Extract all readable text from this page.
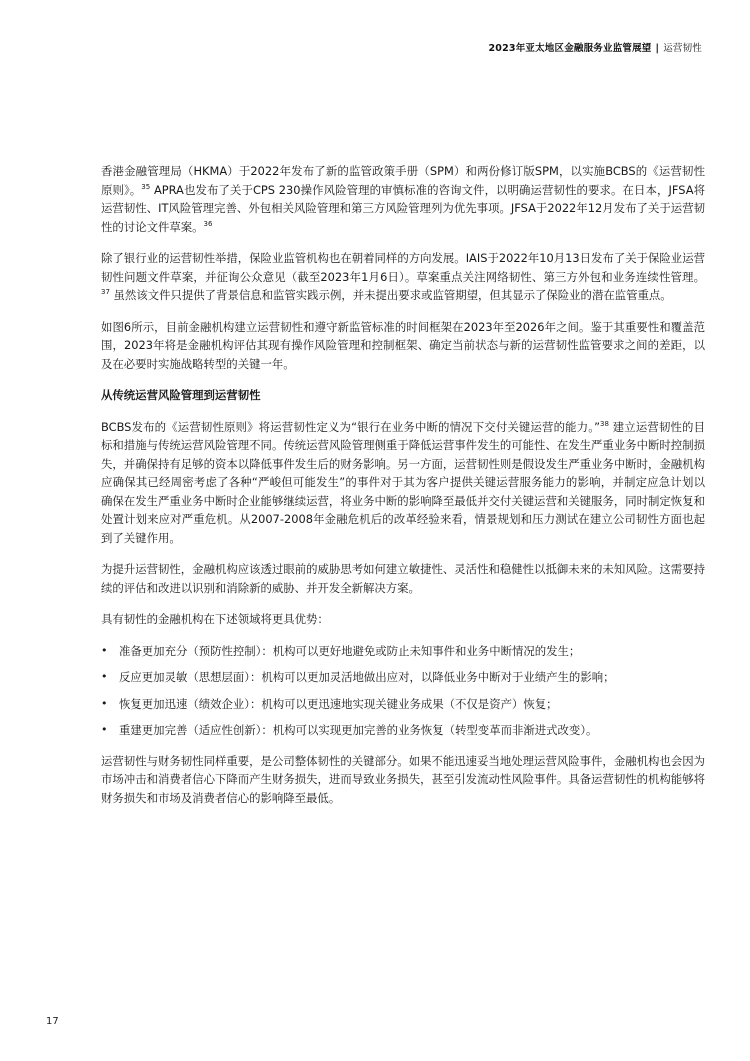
2023年亚太地区金融服务业监管展望 | 运营韧性

香港金融管理局（HKMA）于2022年发布了新的监管政策手册（SPM）和两份修订版SPM，以实施BCBS的《运营韧性原则》。$^{35}$ APRA也发布了关于CPS 230操作风险管理的审慎标准的咨询文件，以明确运营韧性的要求。在日本，JFSA将运营韧性、IT风险管理完善、外包相关风险管理和第三方风险管理列为优先事项。JFSA于2022年12月发布了关于运营韧性的讨论文件草案。$^{36}$

除了银行业的运营韧性举措，保险业监管机构也在朝着同样的方向发展。IAIS于2022年10月13日发布了关于保险业运营韧性问题文件草案，并征询公众意见（截至2023年1月6日）。草案重点关注网络韧性、第三方外包和业务连续性管理。$^{37}$ 虽然该文件只提供了背景信息和监管实践示例，并未提出要求或监管期望，但其显示了保险业的潜在监管重点。

如图6所示，目前金融机构建立运营韧性和遵守新监管标准的时间框架在2023年至2026年之间。鉴于其重要性和覆盖范围，2023年将是金融机构评估其现有操作风险管理和控制框架、确定当前状态与新的运营韧性监管要求之间的差距，以及在必要时实施战略转型的关键一年。

从传统运营风险管理到运营韧性

BCBS发布的《运营韧性原则》将运营韧性定义为“银行在业务中断的情况下交付关键运营的能力。”$^{38}$ 建立运营韧性的目标和措施与传统运营风险管理不同。传统运营风险管理侧重于降低运营事件发生的可能性、在发生严重业务中断时控制损失，并确保持有足够的资本以降低事件发生后的财务影响。另一方面，运营韧性则是假设发生严重业务中断时，金融机构应确保其已经周密考虑了各种“严峻但可能发生”的事件对于其为客户提供关键运营服务能力的影响，并制定应急计划以确保在发生严重业务中断时企业能够继续运营，将业务中断的影响降至最低并交付关键运营和关键服务，同时制定恢复和处置计划来应对严重危机。从2007-2008年金融危机后的改革经验来看，情景规划和压力测试在建立公司韧性方面也起到了关键作用。

为提升运营韧性，金融机构应该透过眼前的威胁思考如何建立敏捷性、灵活性和稳健性以抵御未来的未知风险。这需要持续的评估和改进以识别和消除新的威胁、并开发全新解决方案。

具有韧性的金融机构在下述领域将更具优势：

• 准备更加充分（预防性控制）：机构可以更好地避免或防止未知事件和业务中断情况的发生；
• 反应更加灵敏（思想层面）：机构可以更加灵活地做出应对，以降低业务中断对于业绩产生的影响；
• 恢复更加迅速（绩效企业）：机构可以更迅速地实现关键业务成果（不仅是资产）恢复；
• 重建更加完善（适应性创新）：机构可以实现更加完善的业务恢复（转型变革而非渐进式改变）。

运营韧性与财务韧性同样重要，是公司整体韧性的关键部分。如果不能迅速妥当地处理运营风险事件，金融机构也会因为市场冲击和消费者信心下降而产生财务损失，进而导致业务损失，甚至引发流动性风险事件。具备运营韧性的机构能够将财务损失和市场及消费者信心的影响降至最低。

17
